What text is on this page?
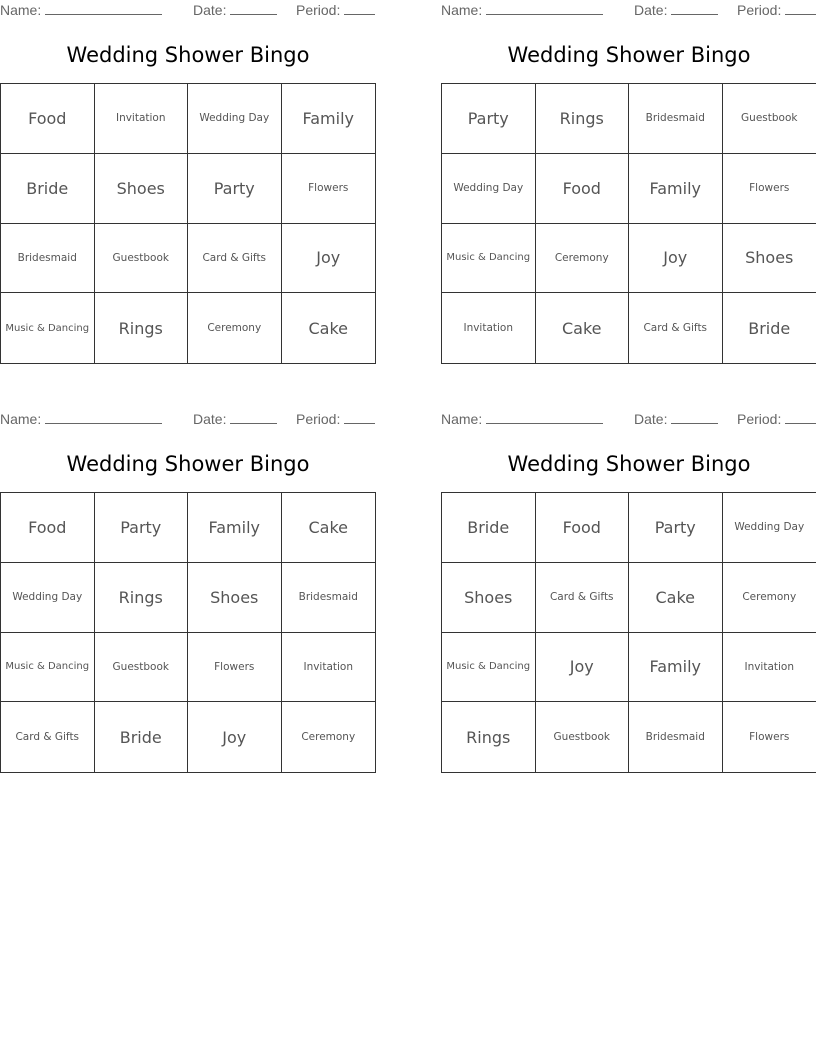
Name:	Date:	Period:
Wedding Shower Bingo
Food	Invitation	Wedding Day	Family
Bride	Shoes	Party	Flowers
Bridesmaid	Guestbook	Card & Gifts	Joy
Music & Dancing	Rings	Ceremony	Cake
Name:	Date:	Period:
Wedding Shower Bingo
Party	Rings	Bridesmaid	Guestbook
Wedding Day	Food	Family	Flowers
Music & Dancing	Ceremony	Joy	Shoes
Invitation	Cake	Card & Gifts	Bride
Name:	Date:	Period:
Wedding Shower Bingo
Food	Party	Family	Cake
Wedding Day	Rings	Shoes	Bridesmaid
Music & Dancing	Guestbook	Flowers	Invitation
Card & Gifts	Bride	Joy	Ceremony
Name:	Date:	Period:
Wedding Shower Bingo
Bride	Food	Party	Wedding Day
Shoes	Card & Gifts	Cake	Ceremony
Music & Dancing	Joy	Family	Invitation
Rings	Guestbook	Bridesmaid	Flowers
